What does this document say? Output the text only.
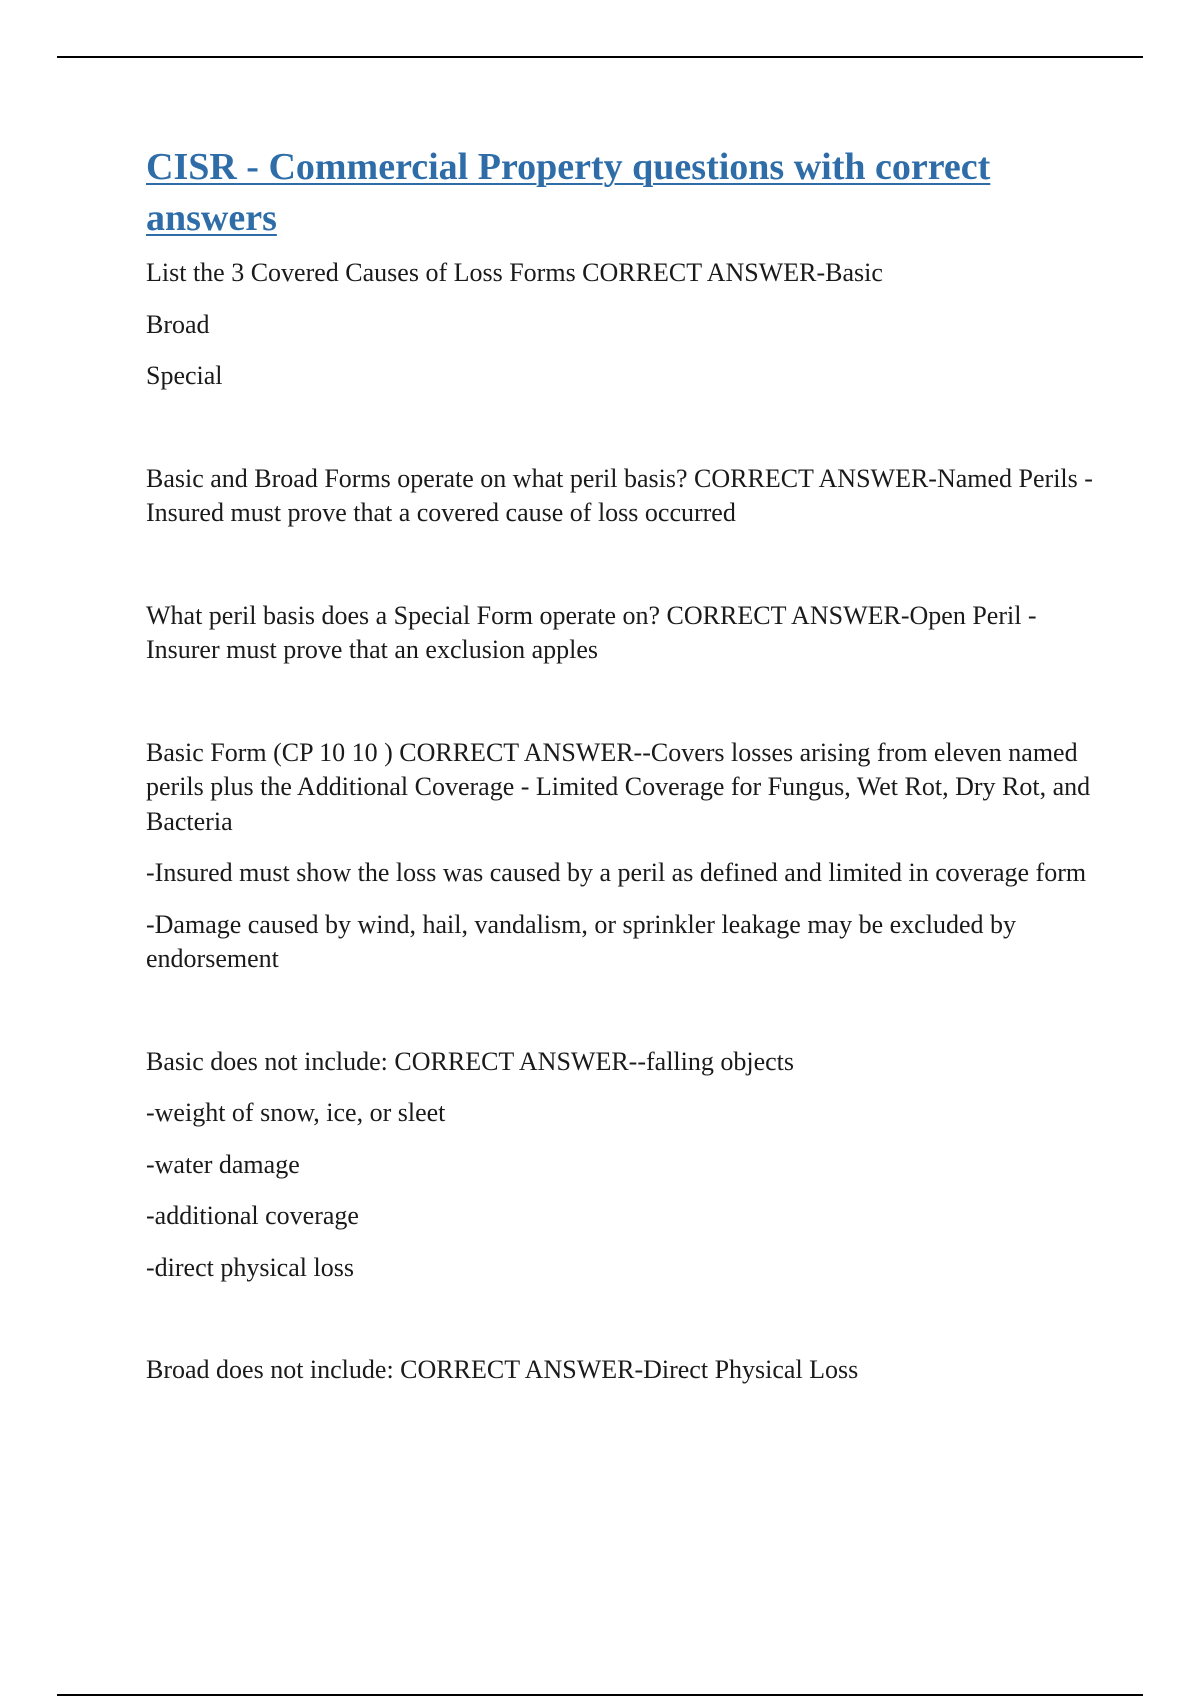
CISR - Commercial Property questions with correct answers

List the 3 Covered Causes of Loss Forms CORRECT ANSWER-Basic

Broad

Special

Basic and Broad Forms operate on what peril basis? CORRECT ANSWER-Named Perils - Insured must prove that a covered cause of loss occurred

What peril basis does a Special Form operate on? CORRECT ANSWER-Open Peril - Insurer must prove that an exclusion apples

Basic Form (CP 10 10 ) CORRECT ANSWER--Covers losses arising from eleven named perils plus the Additional Coverage - Limited Coverage for Fungus, Wet Rot, Dry Rot, and Bacteria

-Insured must show the loss was caused by a peril as defined and limited in coverage form

-Damage caused by wind, hail, vandalism, or sprinkler leakage may be excluded by endorsement

Basic does not include: CORRECT ANSWER--falling objects

-weight of snow, ice, or sleet

-water damage

-additional coverage

-direct physical loss

Broad does not include: CORRECT ANSWER-Direct Physical Loss
